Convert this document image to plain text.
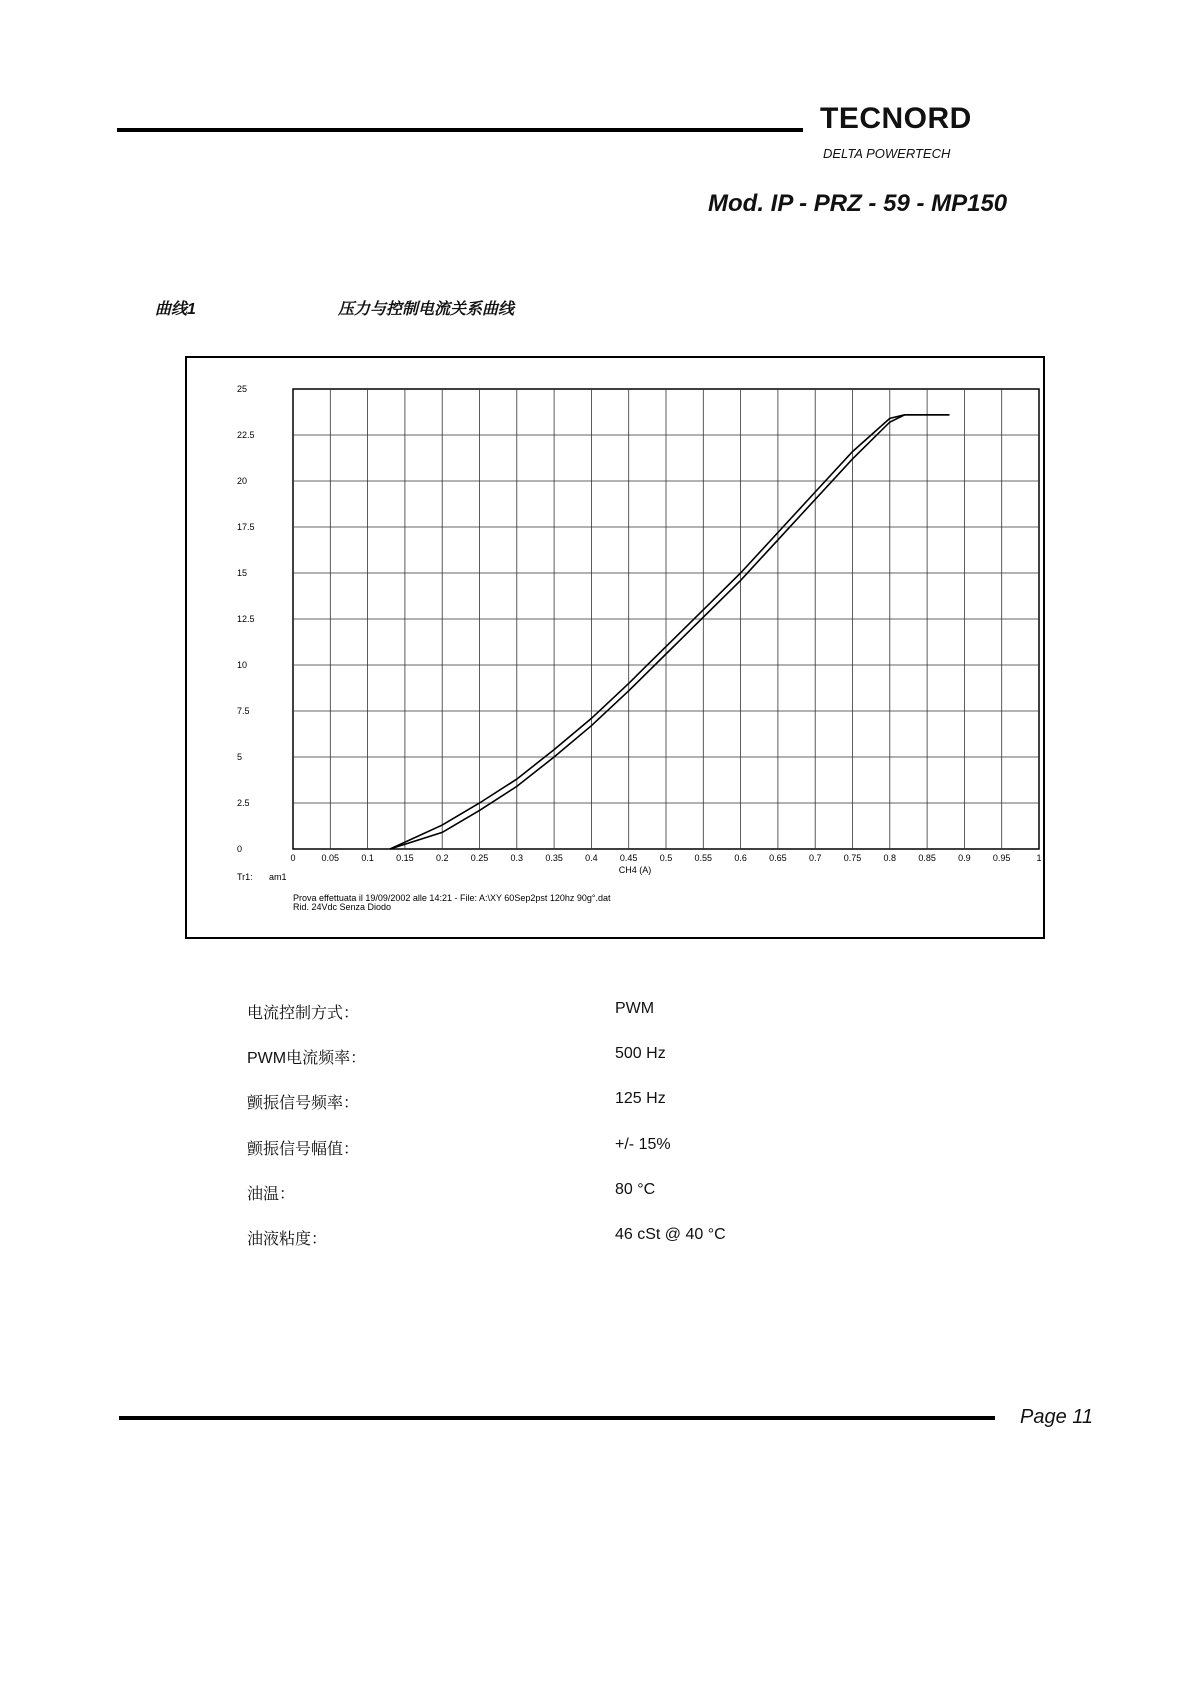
TECNORD
DELTA POWERTECH
Mod. IP - PRZ - 59 - MP150
曲线1	压力与控制电流关系曲线
0	0.05 0.1 0.15 0.2 0.25 0.3 0.35 0.4 0.45 0.5 0.55 0.6 0.65 0.7 0.75 0.8 0.85 0.9 0.95	1
0
2.5
5
7.5
10
12.5
15
17.5
20
22.5
25
CH4 (A)
Tr1: am1
Prova effettuata il 19/09/2002 alle 14:21 - File: A:\XY 60Sep2pst 120hz 90g°.dat
Rid. 24Vdc Senza Diodo
电流控制方式：	PWM
PWM电流频率：	500 Hz
颤振信号频率：	125 Hz
颤振信号幅值：	+/- 15%
油温：	80 °C
油液粘度：	46 cSt @ 40 °C
Page 11
